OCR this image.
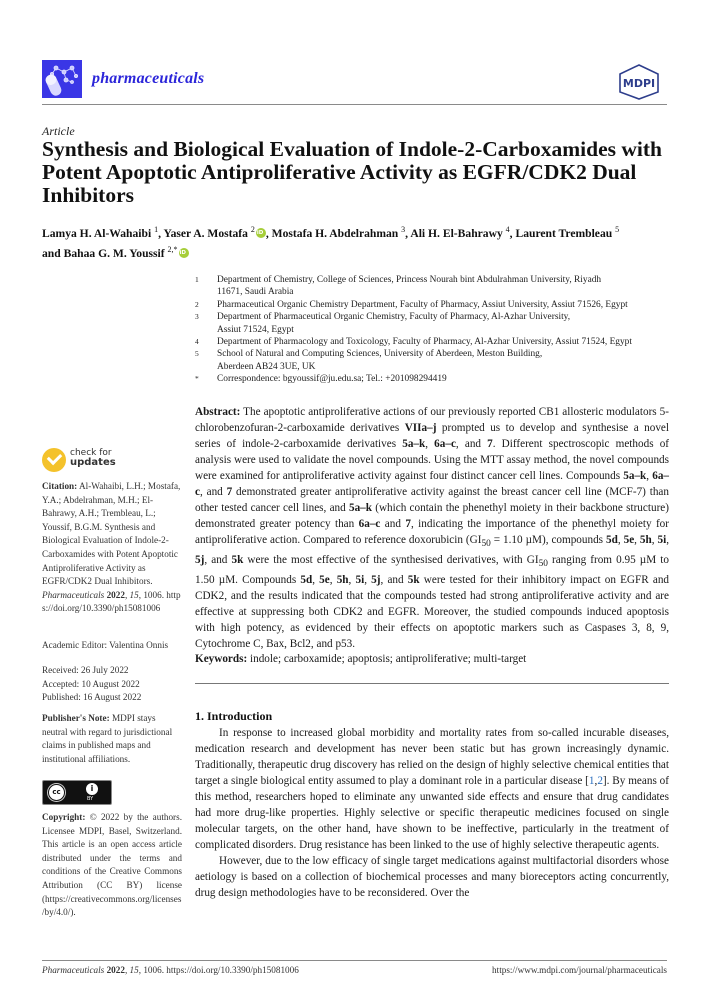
pharmaceuticals	MDPI
Article
Synthesis and Biological Evaluation of Indole-2-Carboxamides with Potent Apoptotic Antiproliferative Activity as EGFR/CDK2 Dual Inhibitors
Lamya H. Al-Wahaibi $^1$, Yaser A. Mostafa $^2$ iD , Mostafa H. Abdelrahman $^3$, Ali H. El-Bahrawy $^4$, Laurent Trembleau $^5$
and Bahaa G. M. Youssif $^{2,*}$iD
1	Department of Chemistry, College of Sciences, Princess Nourah bint Abdulrahman University, Riyadh 11671, Saudi Arabia
2	Pharmaceutical Organic Chemistry Department, Faculty of Pharmacy, Assiut University, Assiut 71526, Egypt
3	Department of Pharmaceutical Organic Chemistry, Faculty of Pharmacy, Al-Azhar University, Assiut 71524, Egypt
4	Department of Pharmacology and Toxicology, Faculty of Pharmacy, Al-Azhar University, Assiut 71524, Egypt
5	School of Natural and Computing Sciences, University of Aberdeen, Meston Building, Aberdeen AB24 3UE, UK
*	Correspondence: bgyoussif@ju.edu.sa; Tel.: +201098294419
check for
updates
Citation: Al-Wahaibi, L.H.; Mostafa, Y.A.; Abdelrahman, M.H.; El-Bahrawy, A.H.; Trembleau, L.; Youssif, B.G.M. Synthesis and Biological Evaluation of Indole-2-Carboxamides with Potent Apoptotic Antiproliferative Activity as EGFR/CDK2 Dual Inhibitors. Pharmaceuticals 2022, 15, 1006. https://doi.org/10.3390/ph15081006
Academic Editor: Valentina Onnis
Received: 26 July 2022
Accepted: 10 August 2022
Published: 16 August 2022
Publisher's Note: MDPI stays neutral with regard to jurisdictional claims in published maps and institutional affiliations.
cc	i
BY
Copyright: © 2022 by the authors. Licensee MDPI, Basel, Switzerland. This article is an open access article distributed under the terms and conditions of the Creative Commons Attribution (CC BY) license (https://creativecommons.org/licenses/by/4.0/).
Abstract: The apoptotic antiproliferative actions of our previously reported CB1 allosteric modulators 5-chlorobenzofuran-2-carboxamide derivatives VIIa–j prompted us to develop and synthesise a novel series of indole-2-carboxamide derivatives 5a–k, 6a–c, and 7. Different spectroscopic methods of analysis were used to validate the novel compounds. Using the MTT assay method, the novel compounds were examined for antiproliferative activity against four distinct cancer cell lines. Compounds 5a–k, 6a–c, and 7 demonstrated greater antiproliferative activity against the breast cancer cell line (MCF-7) than other tested cancer cell lines, and 5a–k (which contain the phenethyl moiety in their backbone structure) demonstrated greater potency than 6a–c and 7, indicating the importance of the phenethyl moiety for antiproliferative action. Compared to reference doxorubicin ($GI_{50} = 1.10$ µM), compounds 5d, 5e, 5h, 5i, 5j, and 5k were the most effective of the synthesised derivatives, with $GI_{50}$ ranging from 0.95 µM to 1.50 µM. Compounds 5d, 5e, 5h, 5i, 5j, and 5k were tested for their inhibitory impact on EGFR and CDK2, and the results indicated that the compounds tested had strong antiproliferative activity and are effective at suppressing both CDK2 and EGFR. Moreover, the studied compounds induced apoptosis with high potency, as evidenced by their effects on apoptotic markers such as Caspases 3, 8, 9, Cytochrome C, Bax, Bcl2, and p53.
Keywords: indole; carboxamide; apoptosis; antiproliferative; multi-target
1. Introduction

In response to increased global morbidity and mortality rates from so-called incurable diseases, medication research and development has never been static but has grown increasingly dynamic. Traditionally, therapeutic drug discovery has relied on the design of highly selective chemical entities that target a single biological entity assumed to play a dominant role in a particular disease [1,2]. By means of this method, researchers hoped to eliminate any unwanted side effects and ensure that drug candidates had more drug-like properties. Highly selective or specific therapeutic medicines focused on single molecular targets, on the other hand, have shown to be ineffective, particularly in the treatment of complicated disorders. Drug resistance has been linked to the use of highly selective therapeutic agents.

However, due to the low efficacy of single target medications against multifactorial disorders whose aetiology is based on a collection of biochemical processes and many bioreceptors acting concurrently, drug design methodologies have to be reconsidered. Over the

Pharmaceuticals 2022, 15, 1006. https://doi.org/10.3390/ph15081006	https://www.mdpi.com/journal/pharmaceuticals
